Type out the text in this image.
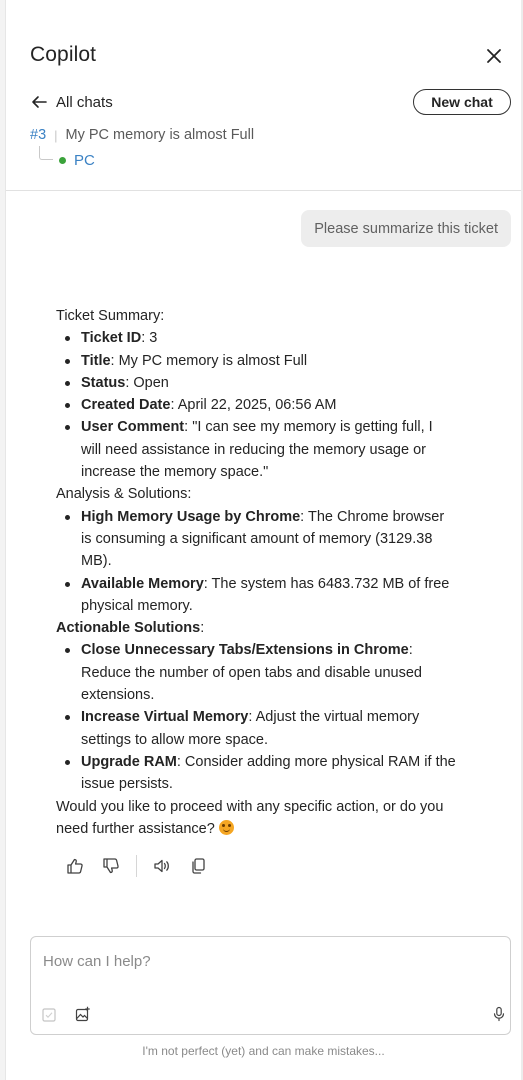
Copilot
All chats	New chat
#3 | My PC memory is almost Full
PC
Please summarize this ticket
Ticket Summary:
Ticket ID: 3
Title: My PC memory is almost Full
Status: Open
Created Date: April 22, 2025, 06:56 AM
User Comment: "I can see my memory is getting full, I will need assistance in reducing the memory usage or increase the memory space."
Analysis & Solutions:
High Memory Usage by Chrome: The Chrome browser is consuming a significant amount of memory (3129.38 MB).
Available Memory: The system has 6483.732 MB of free physical memory.
Actionable Solutions:
Close Unnecessary Tabs/Extensions in Chrome: Reduce the number of open tabs and disable unused extensions.
Increase Virtual Memory: Adjust the virtual memory settings to allow more space.
Upgrade RAM: Consider adding more physical RAM if the issue persists.
Would you like to proceed with any specific action, or do you need further assistance?
How can I help?
I'm not perfect (yet) and can make mistakes...
